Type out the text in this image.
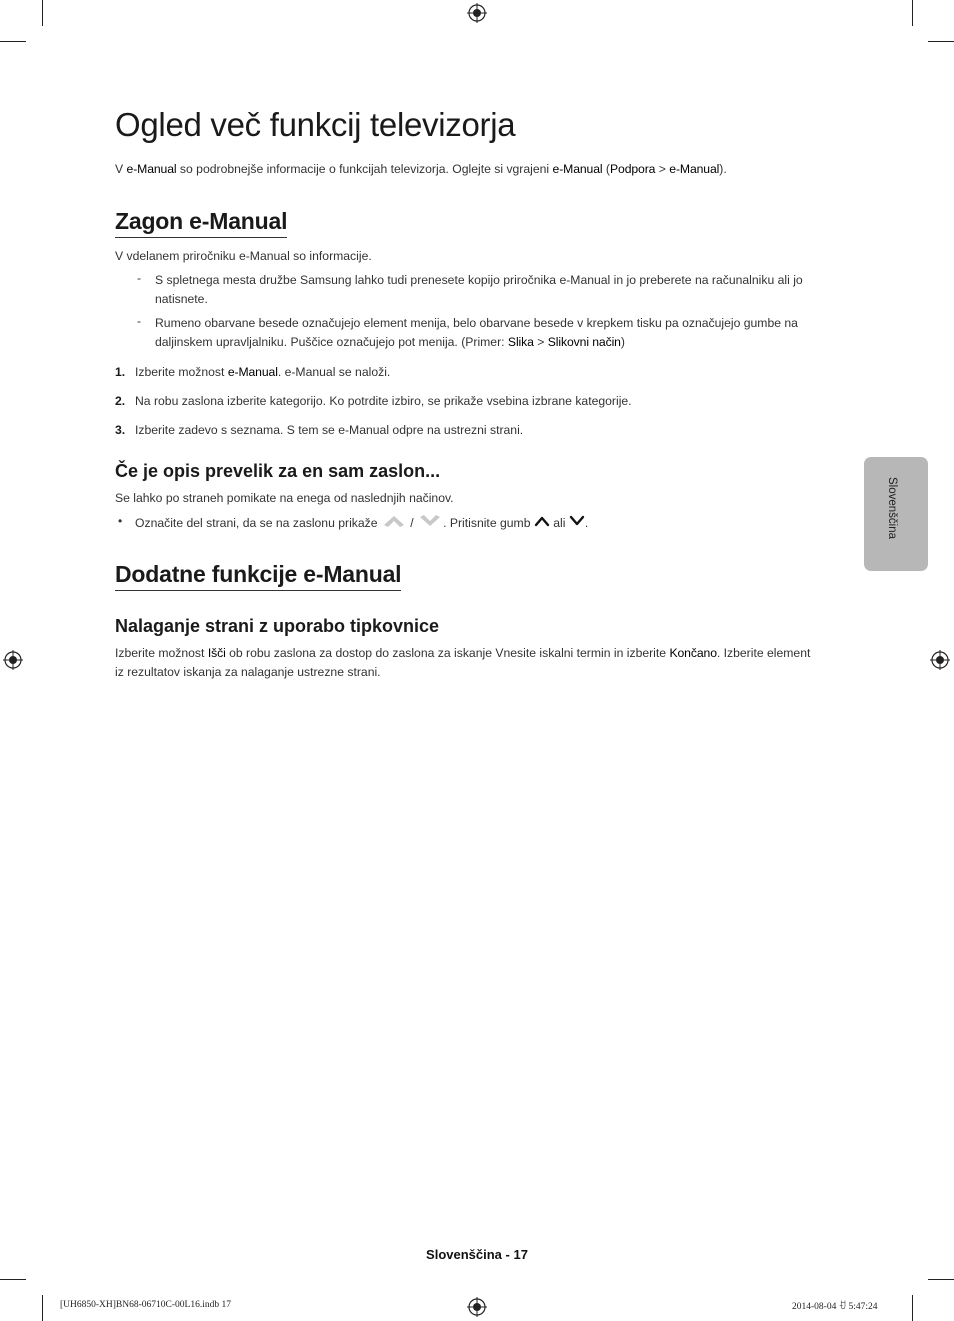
Ogled več funkcij televizorja
V e-Manual so podrobnejše informacije o funkcijah televizorja. Oglejte si vgrajeni e-Manual (Podpora > e-Manual).
Zagon e-Manual
V vdelanem priročniku e-Manual so informacije.
- S spletnega mesta družbe Samsung lahko tudi prenesete kopijo priročnika e-Manual in jo preberete na računalniku ali jo natisnete.
- Rumeno obarvane besede označujejo element menija, belo obarvane besede v krepkem tisku pa označujejo gumbe na daljinskem upravljalniku. Puščice označujejo pot menija. (Primer: Slika > Slikovni način)
1. Izberite možnost e-Manual. e-Manual se naloži.
2. Na robu zaslona izberite kategorijo. Ko potrdite izbiro, se prikaže vsebina izbrane kategorije.
3. Izberite zadevo s seznama. S tem se e-Manual odpre na ustrezni strani.
Če je opis prevelik za en sam zaslon...
Se lahko po straneh pomikate na enega od naslednjih načinov.
• Označite del strani, da se na zaslonu prikaže  / . Pritisnite gumb  ali .
Dodatne funkcije e-Manual
Nalaganje strani z uporabo tipkovnice
Izberite možnost Išči ob robu zaslona za dostop do zaslona za iskanje Vnesite iskalni termin in izberite Končano. Izberite element iz rezultatov iskanja za nalaganje ustrezne strani.
Slovenščina
Slovenščina - 17
[UH6850-XH]BN68-06710C-00L16.indb 17	2014-08-04 ꀀ 5:47:24
